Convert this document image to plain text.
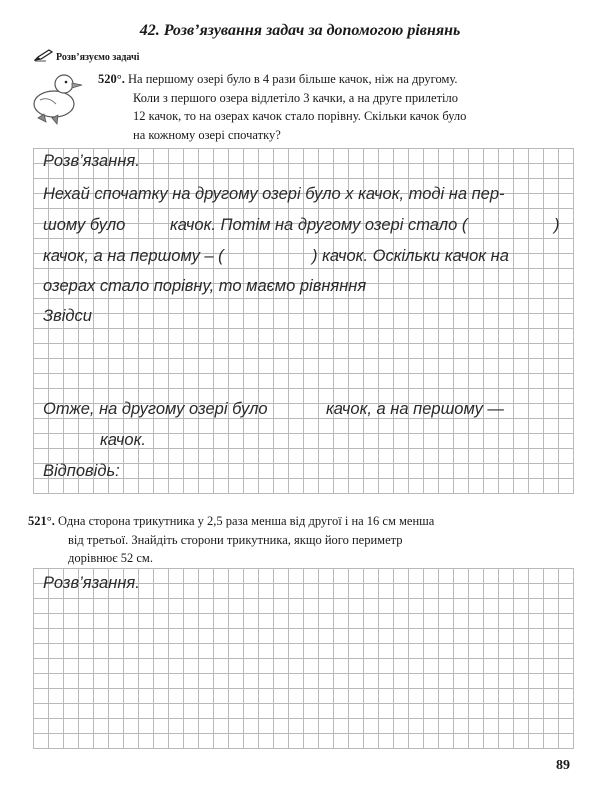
42. Розв’язування задач за допомогою рівнянь
Розв’язуємо задачі
520°. На першому озері було в 4 рази більше качок, ніж на другому.
Коли з першого озера відлетіло 3 качки, а на друге прилетіло
12 качок, то на озерах качок стало порівну. Скільки качок було
на кожному озері спочатку?
Розв’язання.
Нехай спочатку на другому озері було x качок, тоді на пер-
шому було	качок. Потім на другому озері стало (	)
качок, а на першому – (	) качок. Оскільки качок на
озерах стало порівну, то маємо рівняння
Звідси
Отже, на другому озері було	качок, а на першому —
качок.
Відповідь:
521°. Одна сторона трикутника у 2,5 раза менша від другої і на 16 см менша
від третьої. Знайдіть сторони трикутника, якщо його периметр
дорівнює 52 см.
Розв’язання.
89
